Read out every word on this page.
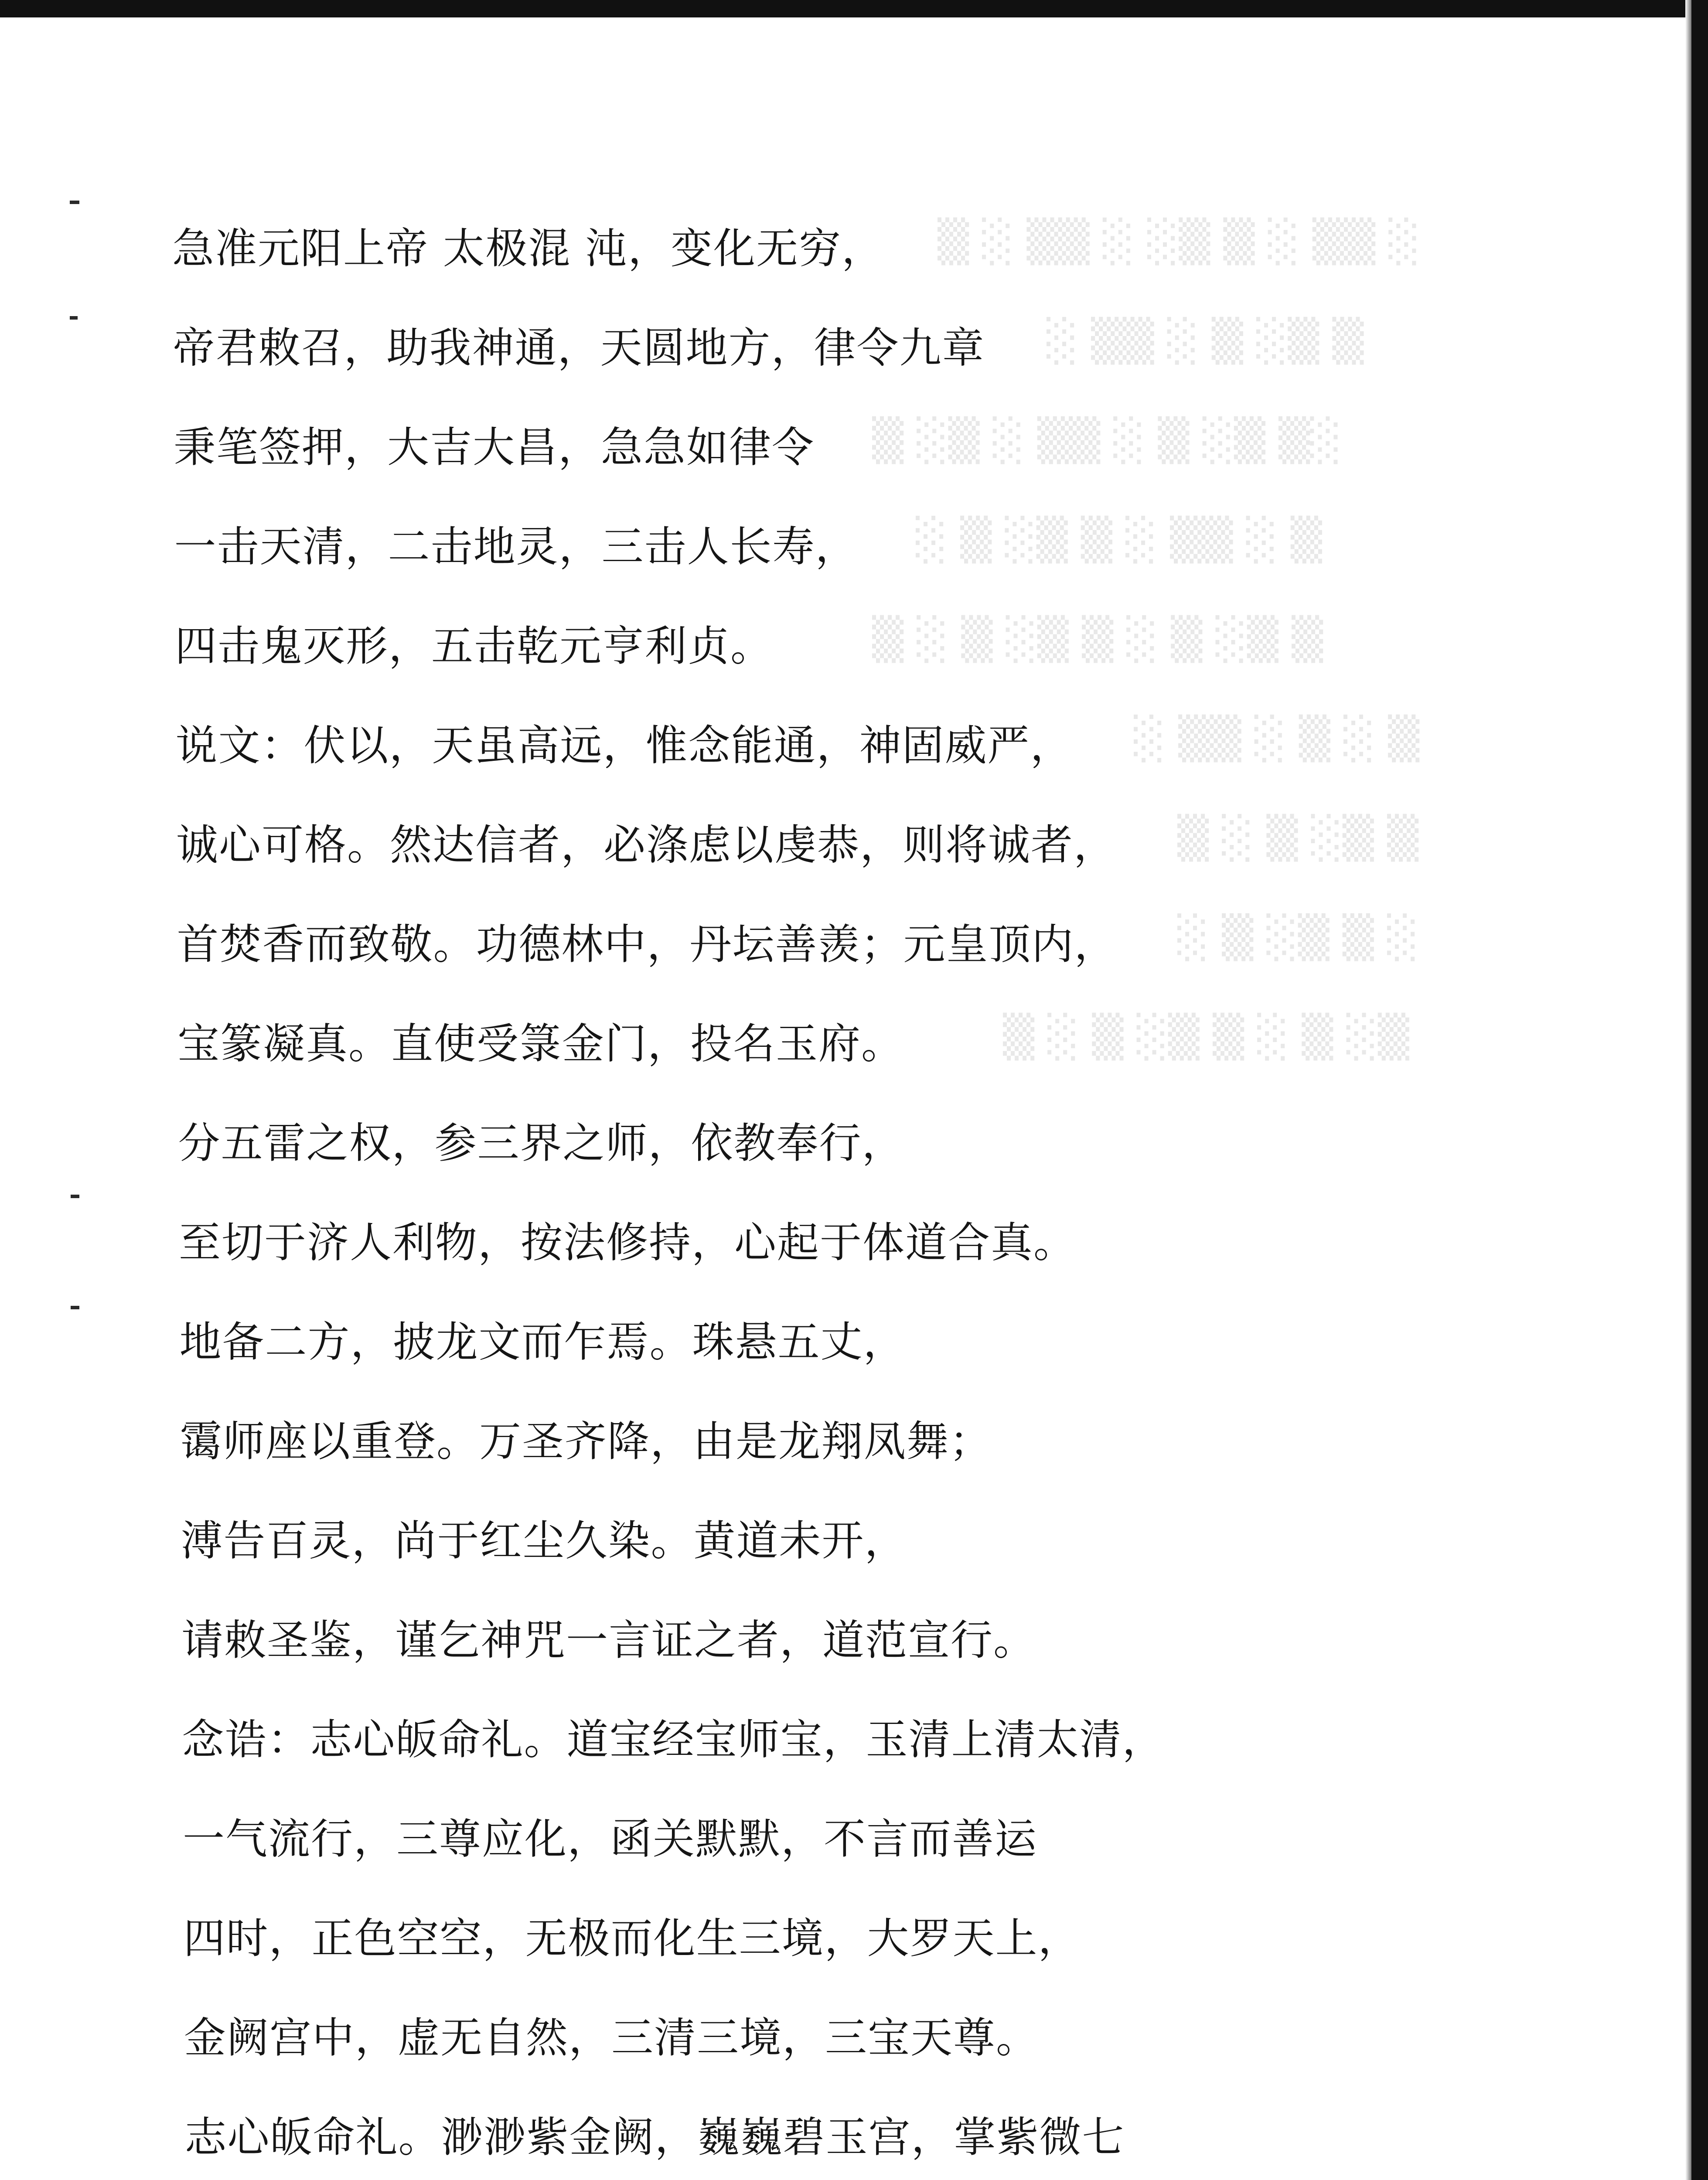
▒ ░ ▒▒ ░ ░▒ ▒ ░ ▒▒ ░
░ ▒▒ ░ ▒ ░▒ ▒
▒ ░▒ ░ ▒▒ ░ ▒ ░▒ ▒░
░ ▒ ░▒ ▒ ░ ▒▒ ░ ▒
▒ ░ ▒ ░▒ ▒ ░ ▒ ░▒ ▒
░ ▒▒ ░ ▒ ░ ▒
▒ ░ ▒ ░▒ ▒
░ ▒ ░▒ ▒ ░
▒ ░ ▒ ░▒ ▒ ░ ▒ ░▒
急准元阳上帝 太极混 沌，变化无穷，
帝君敕召，助我神通，天圆地方，律令九章
秉笔签押，大吉大昌，急急如律令
一击天清，二击地灵，三击人长寿，
四击鬼灭形，五击乾元亨利贞。
说文：伏以，天虽高远，惟念能通，神固威严，
诚心可格。然达信者，必涤虑以虔恭，则将诚者，
首焚香而致敬。功德林中，丹坛善羡；元皇顶内，
宝篆凝真。直使受箓金门，投名玉府。
分五雷之权，参三界之师，依教奉行，
至切于济人利物，按法修持，心起于体道合真。
地备二方，披龙文而乍焉。珠悬五丈，
霭师座以重登。万圣齐降，由是龙翔凤舞；
溥告百灵，尚于红尘久染。黄道未开，
请敕圣鉴，谨乞神咒一言证之者，道范宣行。
念诰：志心皈命礼。道宝经宝师宝，玉清上清太清，
一气流行，三尊应化，函关默默，不言而善运
四时，正色空空，无极而化生三境，大罗天上，
金阙宫中，虚无自然，三清三境，三宝天尊。
志心皈命礼。渺渺紫金阙，巍巍碧玉宫，掌紫微七
